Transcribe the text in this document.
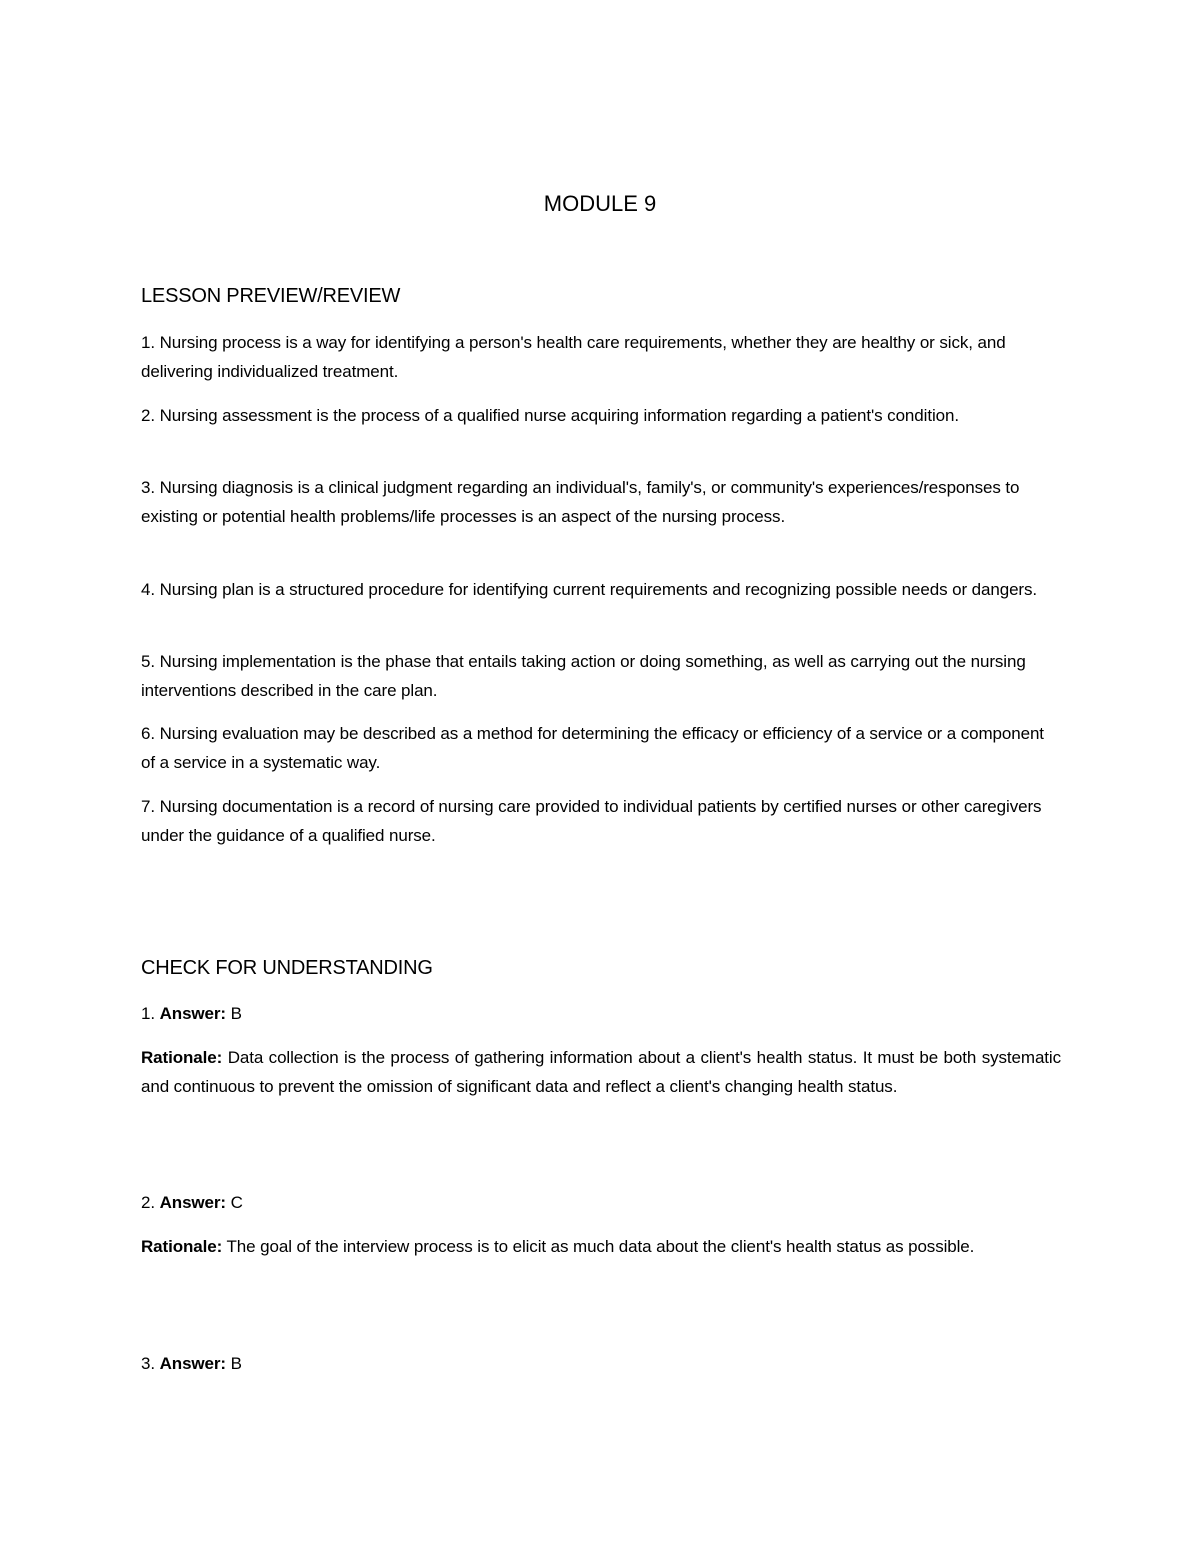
MODULE 9
LESSON PREVIEW/REVIEW
1. Nursing process is a way for identifying a person's health care requirements, whether they are healthy or sick, and delivering individualized treatment.
2. Nursing assessment is the process of a qualified nurse acquiring information regarding a patient's condition.
3. Nursing diagnosis is a clinical judgment regarding an individual's, family's, or community's experiences/responses to existing or potential health problems/life processes is an aspect of the nursing process.
4. Nursing plan is a structured procedure for identifying current requirements and recognizing possible needs or dangers.
5. Nursing implementation is the phase that entails taking action or doing something, as well as carrying out the nursing interventions described in the care plan.
6. Nursing evaluation may be described as a method for determining the efficacy or efficiency of a service or a component of a service in a systematic way.
7. Nursing documentation is a record of nursing care provided to individual patients by certified nurses or other caregivers under the guidance of a qualified nurse.
CHECK FOR UNDERSTANDING
1. Answer: B
Rationale: Data collection is the process of gathering information about a client's health status. It must be both systematic and continuous to prevent the omission of significant data and reflect a client's changing health status.
2. Answer: C
Rationale: The goal of the interview process is to elicit as much data about the client's health status as possible.
3. Answer: B
